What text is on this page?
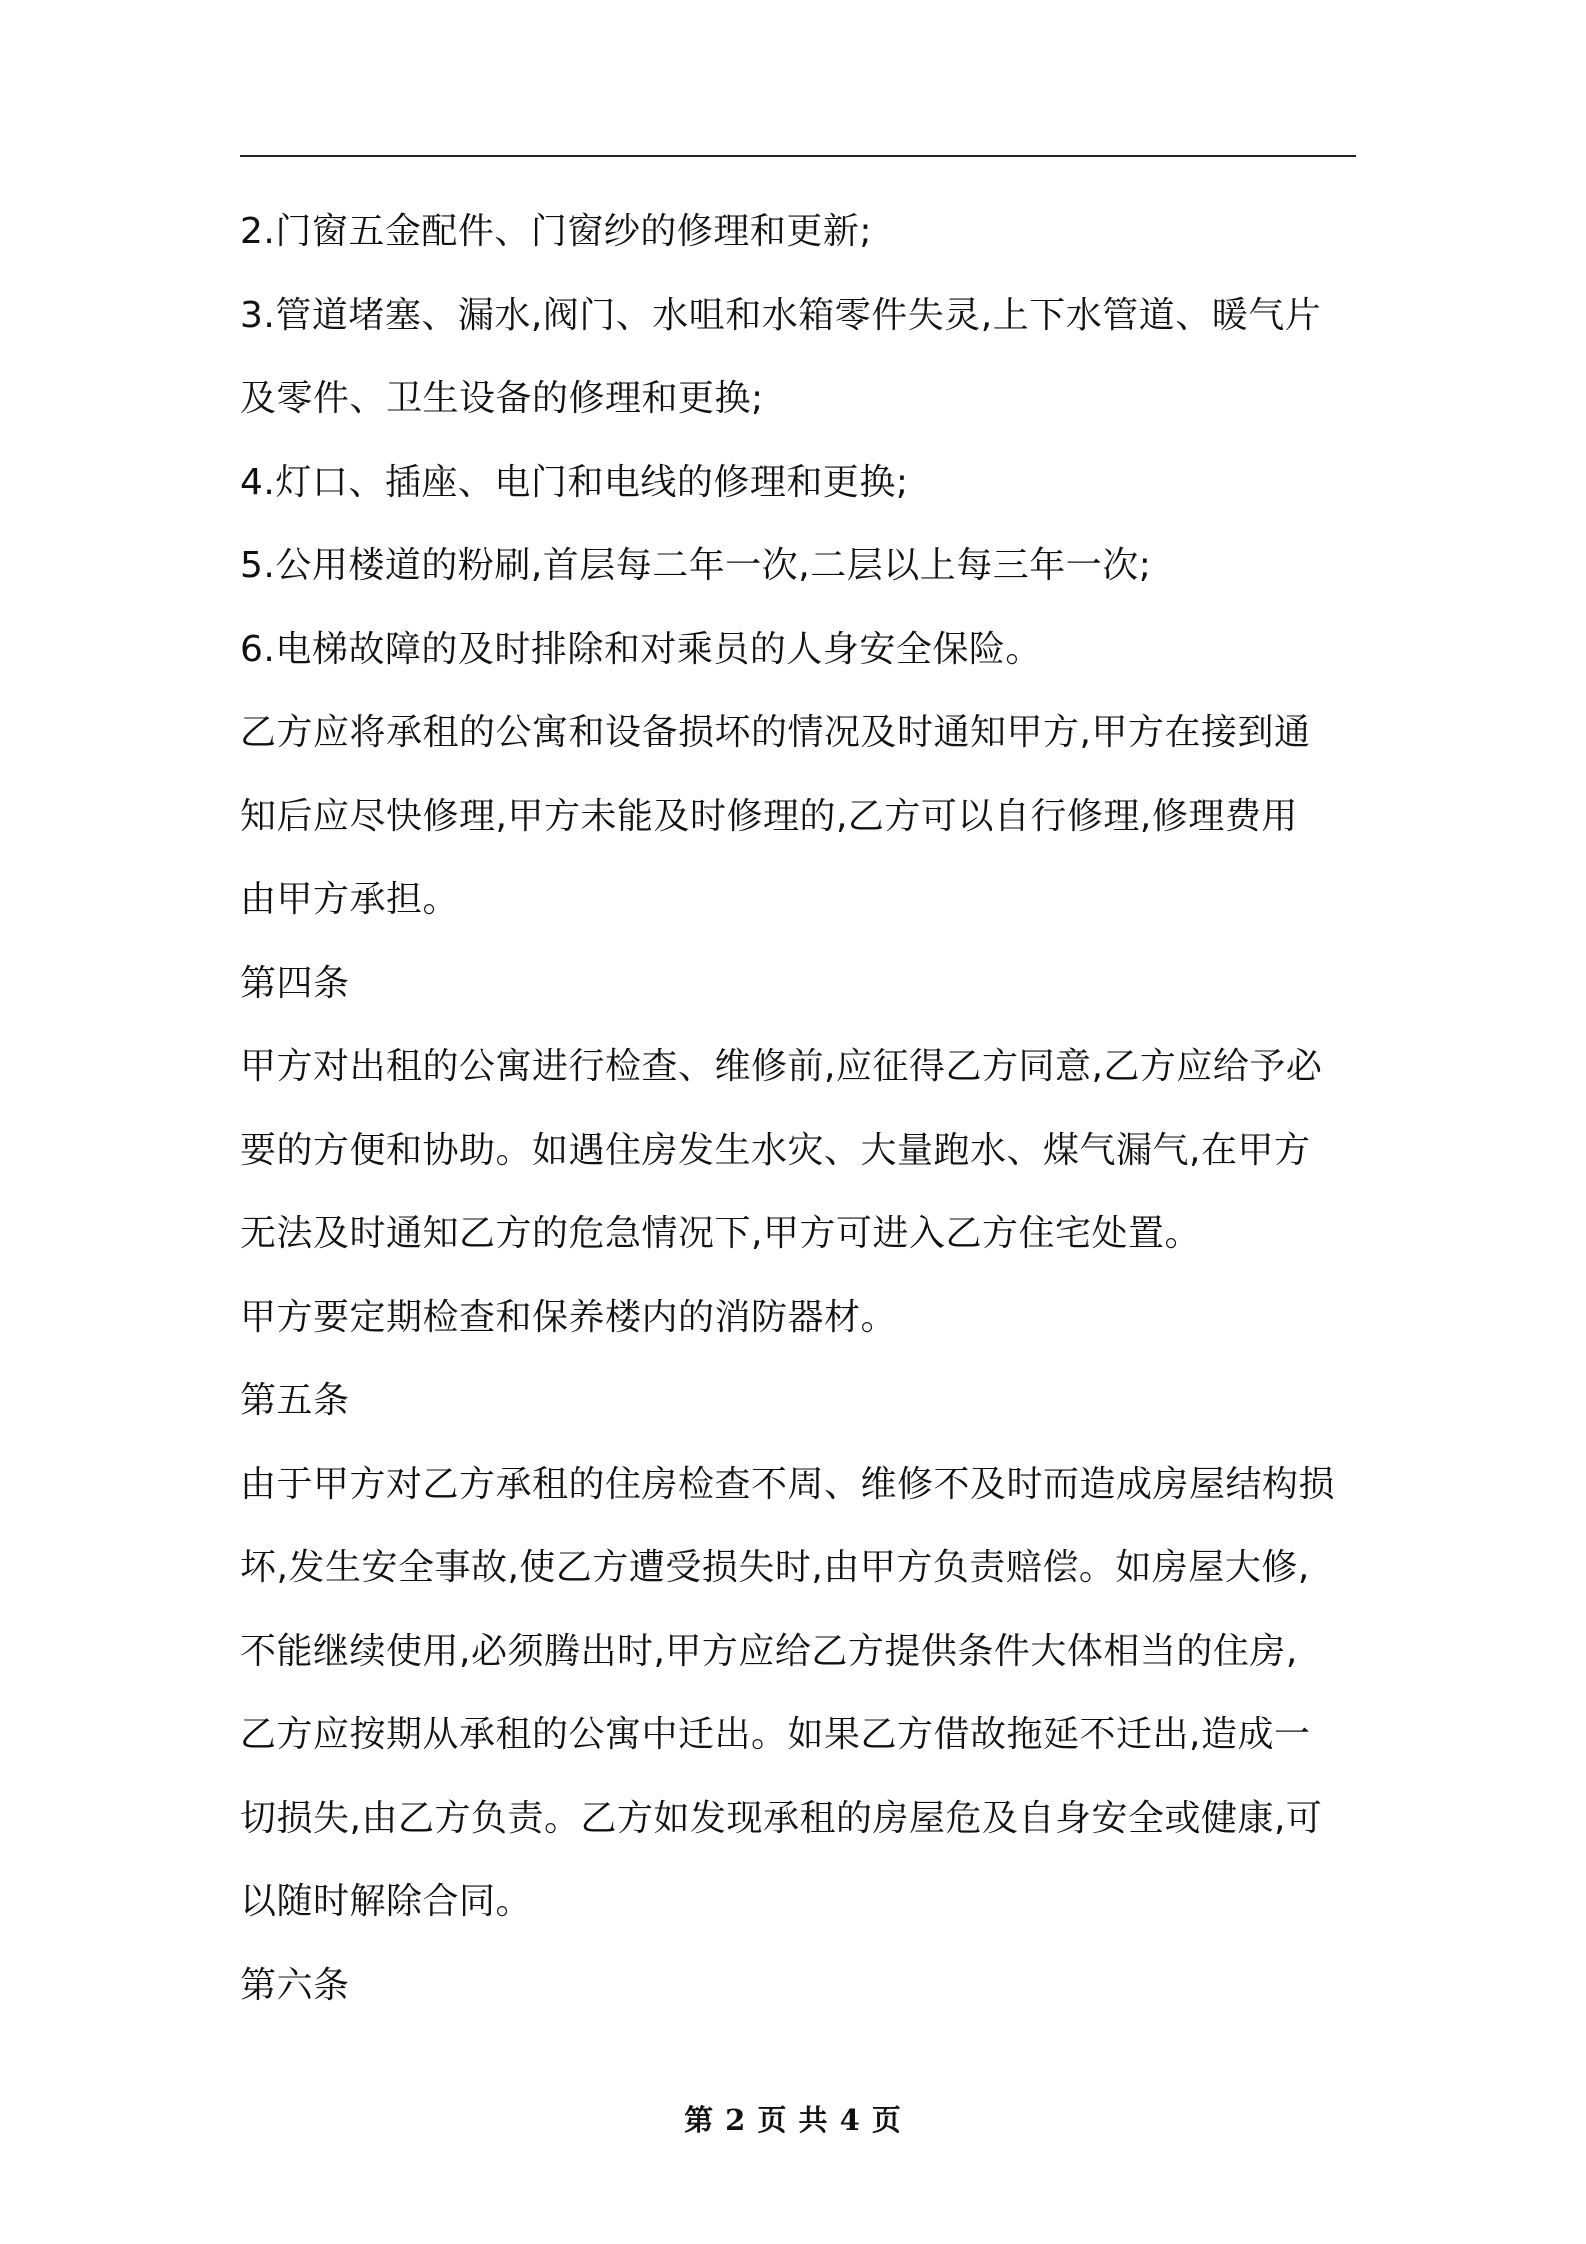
2.门窗五金配件、门窗纱的修理和更新;
3.管道堵塞、漏水,阀门、水咀和水箱零件失灵,上下水管道、暖气片
及零件、卫生设备的修理和更换;
4.灯口、插座、电门和电线的修理和更换;
5.公用楼道的粉刷,首层每二年一次,二层以上每三年一次;
6.电梯故障的及时排除和对乘员的人身安全保险。
乙方应将承租的公寓和设备损坏的情况及时通知甲方,甲方在接到通
知后应尽快修理,甲方未能及时修理的,乙方可以自行修理,修理费用
由甲方承担。
第四条
甲方对出租的公寓进行检查、维修前,应征得乙方同意,乙方应给予必
要的方便和协助。如遇住房发生水灾、大量跑水、煤气漏气,在甲方
无法及时通知乙方的危急情况下,甲方可进入乙方住宅处置。
甲方要定期检查和保养楼内的消防器材。
第五条
由于甲方对乙方承租的住房检查不周、维修不及时而造成房屋结构损
坏,发生安全事故,使乙方遭受损失时,由甲方负责赔偿。如房屋大修,
不能继续使用,必须腾出时,甲方应给乙方提供条件大体相当的住房,
乙方应按期从承租的公寓中迁出。如果乙方借故拖延不迁出,造成一
切损失,由乙方负责。乙方如发现承租的房屋危及自身安全或健康,可
以随时解除合同。
第六条
第 2 页 共 4 页
